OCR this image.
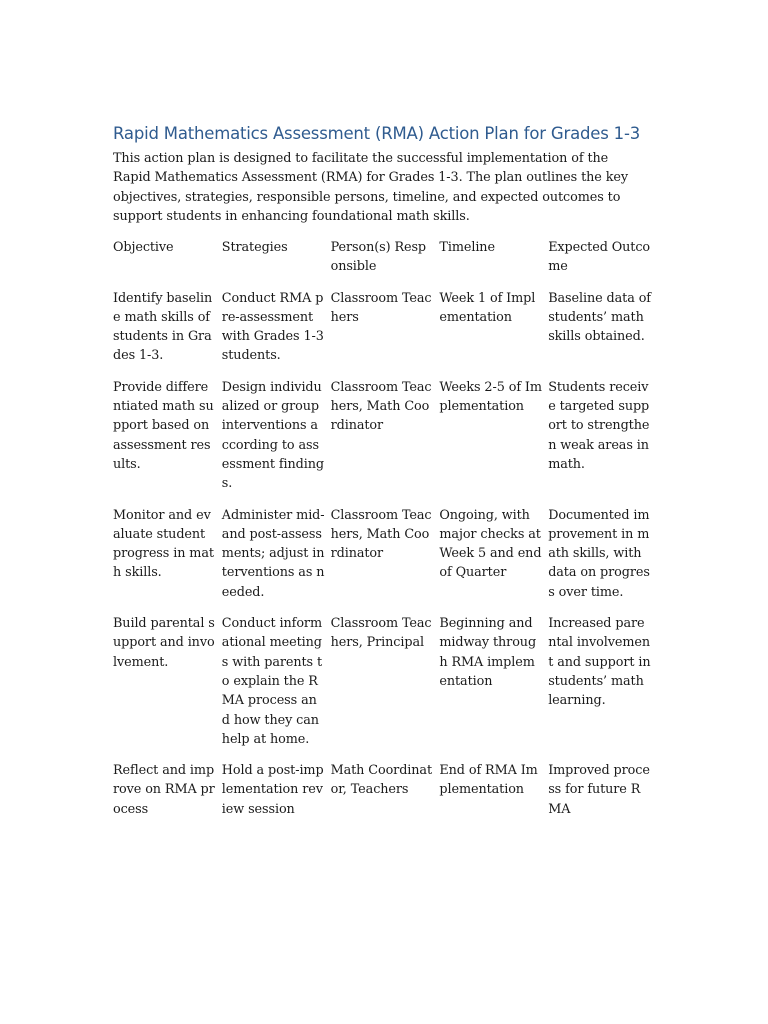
Rapid Mathematics Assessment (RMA) Action Plan for Grades 1-3
This action plan is designed to facilitate the successful implementation of the Rapid Mathematics Assessment (RMA) for Grades 1-3. The plan outlines the key objectives, strategies, responsible persons, timeline, and expected outcomes to support students in enhancing foundational math skills.
Objective	Strategies	Person(s) Responsible	Timeline	Expected Outcome
Identify baseline math skills of students in Grades 1-3.	Conduct RMA pre-assessment with Grades 1-3 students.	Classroom Teachers	Week 1 of Implementation	Baseline data of students’ math skills obtained.
Provide differentiated math support based on assessment results.	Design individualized or group interventions according to assessment findings.	Classroom Teachers, Math Coordinator	Weeks 2-5 of Implementation	Students receive targeted support to strengthen weak areas in math.
Monitor and evaluate student progress in math skills.	Administer mid- and post-assessments; adjust interventions as needed.	Classroom Teachers, Math Coordinator	Ongoing, with major checks at Week 5 and end of Quarter	Documented improvement in math skills, with data on progress over time.
Build parental support and involvement.	Conduct informational meetings with parents to explain the RMA process and how they can help at home.	Classroom Teachers, Principal	Beginning and midway through RMA implementation	Increased parental involvement and support in students’ math learning.
Reflect and improve on RMA process	Hold a post-implementation review session	Math Coordinator, Teachers	End of RMA Implementation	Improved process for future RMA
